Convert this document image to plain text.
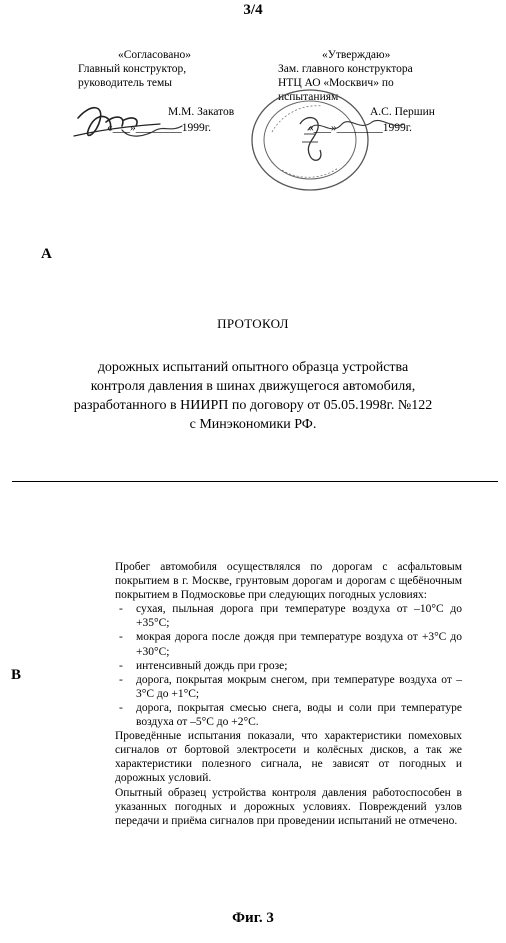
3/4
«Согласовано»
Главный конструктор,
руководитель темы
М.М. Закатов
«___»________1999г.
«Утверждаю»
Зам. главного конструктора
НТЦ АО «Москвич» по
испытаниям
А.С. Першин
«___»________1999г.
А
ПРОТОКОЛ
дорожных испытаний опытного образца устройства
контроля давления в шинах движущегося автомобиля,
разработанного в НИИРП по договору от 05.05.1998г. №122
с Минэкономики РФ.
В

Пробег автомобиля осуществлялся по дорогам с асфальтовым покрытием в г. Москве, грунтовым дорогам и дорогам с щебёночным покрытием в Подмосковье при следующих погодных условиях:

- сухая, пыльная дорога при температуре воздуха от –10°С до +35°С;
- мокрая дорога после дождя при температуре воздуха от +3°С до +30°С;
- интенсивный дождь при грозе;
- дорога, покрытая мокрым снегом, при температуре воздуха от –3°С до +1°С;
- дорога, покрытая смесью снега, воды и соли при температуре воздуха от –5°С до +2°С.

Проведённые испытания показали, что характеристики помеховых сигналов от бортовой электросети и колёсных дисков, а так же характеристики полезного сигнала, не зависят от погодных и дорожных условий.

Опытный образец устройства контроля давления работоспособен в указанных погодных и дорожных условиях. Повреждений узлов передачи и приёма сигналов при проведении испытаний не отмечено.

Фиг. 3
